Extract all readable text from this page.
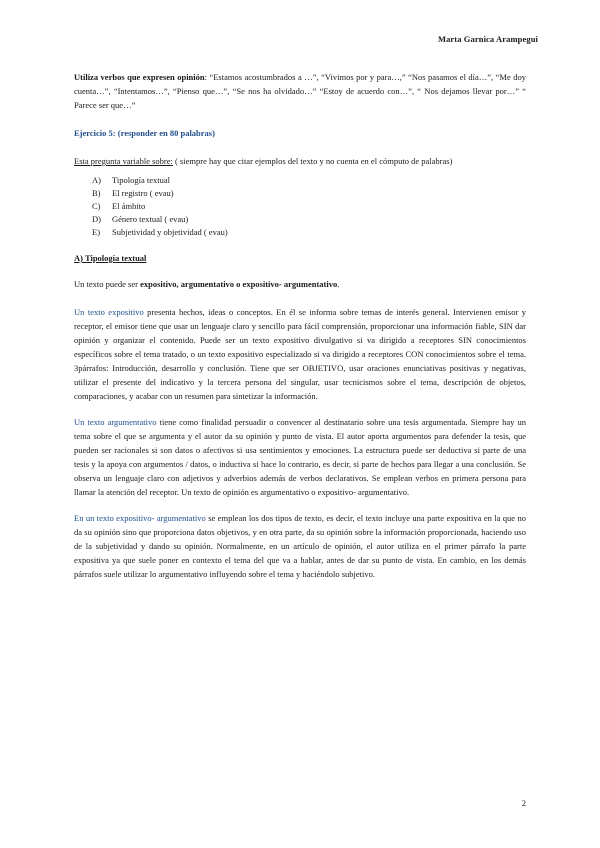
Marta Garnica Arampegui

Utiliza verbos que expresen opinión: “Estamos acostumbrados a …”, “Vivimos por y para…,” “Nos pasamos el día…”, “Me doy cuenta…”, “Intentamos…”, “Pienso que…”, “Se nos ha olvidado…” “Estoy de acuerdo con…”, “ Nos dejamos llevar por…” “ Parece ser que…”

Ejercicio 5: (responder en 80 palabras)

Esta pregunta variable sobre: ( siempre hay que citar ejemplos del texto y no cuenta en el cómputo de palabras)

A)	Tipología textual
B)	El registro ( evau)
C)	El ámbito
D)	Género textual ( evau)
E)	Subjetividad y objetividad ( evau)

A) Tipología textual

Un texto puede ser expositivo, argumentativo o expositivo- argumentativo.

Un texto expositivo presenta hechos, ideas o conceptos. En él se informa sobre temas de interés general. Intervienen emisor y receptor, el emisor tiene que usar un lenguaje claro y sencillo para fácil comprensión, proporcionar una información fiable, SIN dar opinión y organizar el contenido. Puede ser un texto expositivo divulgativo si va dirigido a receptores SIN conocimientos específicos sobre el tema tratado, o un texto expositivo especializado si va dirigido a receptores CON conocimientos sobre el tema. 3párrafos: Introducción, desarrollo y conclusión. Tiene que ser OBJETIVO, usar oraciones enunciativas positivas y negativas, utilizar el presente del indicativo y la tercera persona del singular, usar tecnicismos sobre el tema, descripción de objetos, comparaciones, y acabar con un resumen para sintetizar la información.

Un texto argumentativo tiene como finalidad persuadir o convencer al destinatario sobre una tesis argumentada. Siempre hay un tema sobre el que se argumenta y el autor da su opinión y punto de vista. El autor aporta argumentos para defender la tesis, que pueden ser racionales si son datos o afectivos si usa sentimientos y emociones. La estructura puede ser deductiva si parte de una tesis y la apoya con argumentos / datos, o inductiva si hace lo contrario, es decir, si parte de hechos para llegar a una conclusión. Se observa un lenguaje claro con adjetivos y adverbios además de verbos declarativos. Se emplean verbos en primera persona para llamar la atención del receptor. Un texto de opinión es argumentativo o expositivo- argumentativo.

En un texto expositivo- argumentativo se emplean los dos tipos de texto, es decir, el texto incluye una parte expositiva en la que no da su opinión sino que proporciona datos objetivos, y en otra parte, da su opinión sobre la información proporcionada, haciendo uso de la subjetividad y dando su opinión. Normalmente, en un artículo de opinión, el autor utiliza en el primer párrafo la parte expositiva ya que suele poner en contexto el tema del que va a hablar, antes de dar su punto de vista. En cambio, en los demás párrafos suele utilizar lo argumentativo influyendo sobre el tema y haciéndolo subjetivo.

2
